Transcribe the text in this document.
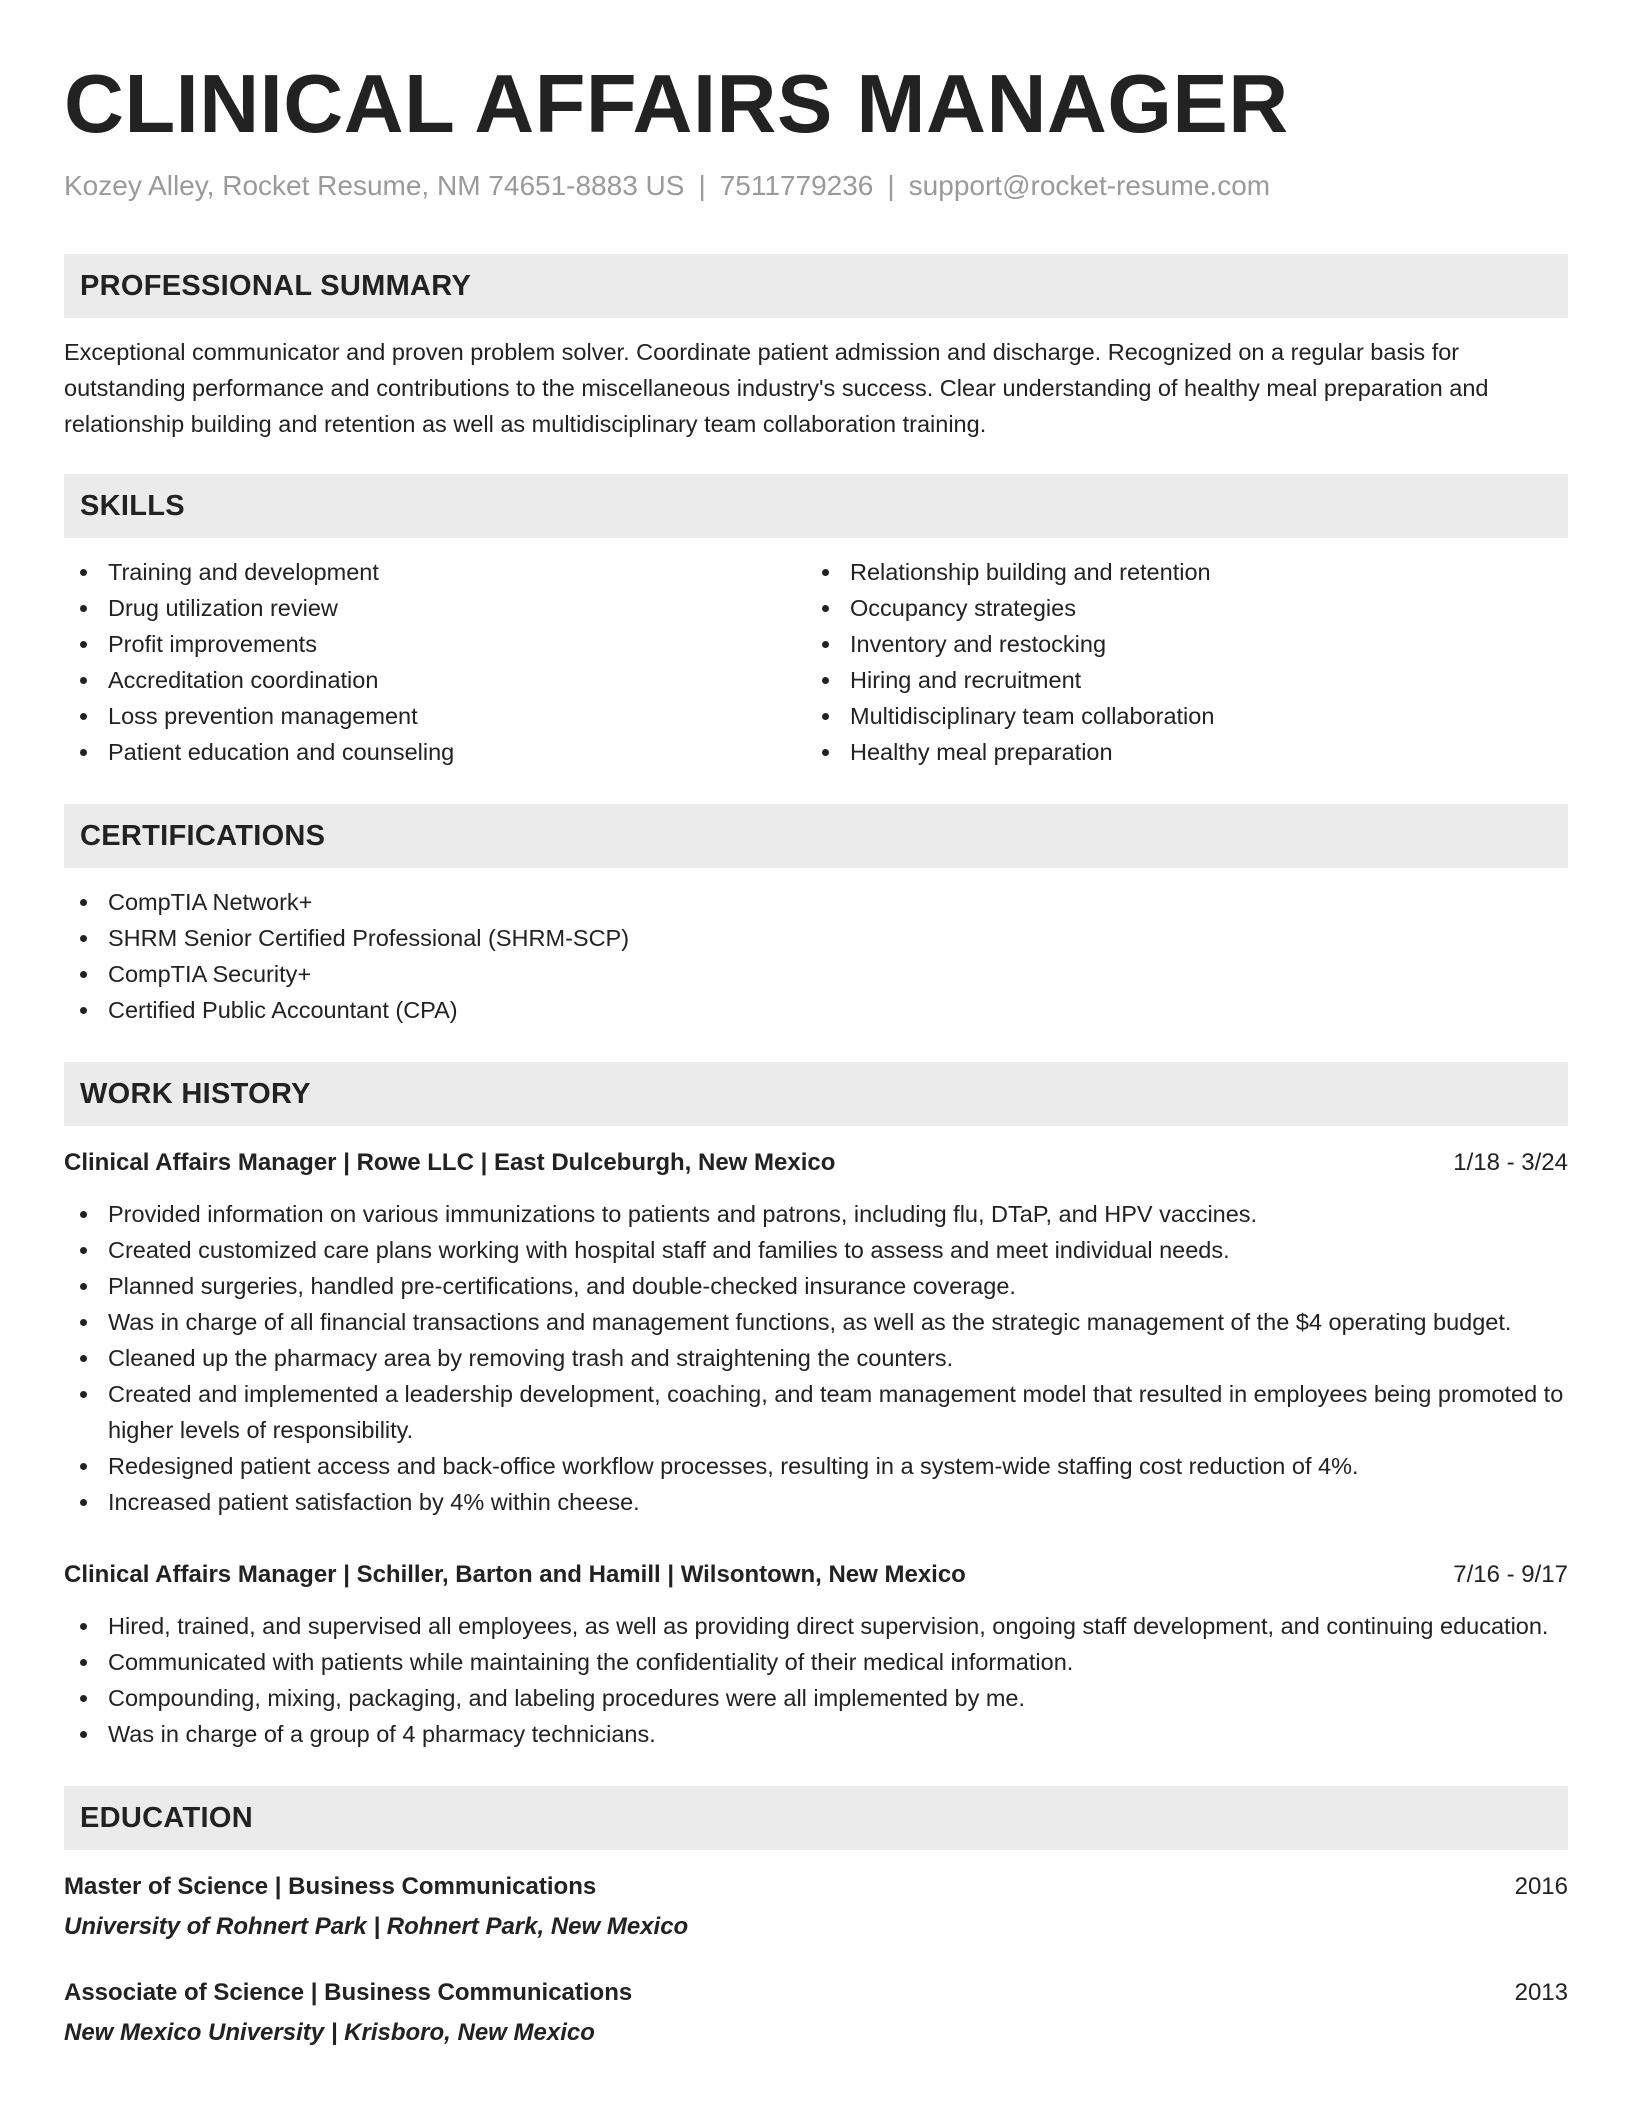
CLINICAL AFFAIRS MANAGER
Kozey Alley, Rocket Resume, NM 74651-8883 US | 7511779236 | support@rocket-resume.com
PROFESSIONAL SUMMARY

Exceptional communicator and proven problem solver. Coordinate patient admission and discharge. Recognized on a regular basis for outstanding performance and contributions to the miscellaneous industry's success. Clear understanding of healthy meal preparation and relationship building and retention as well as multidisciplinary team collaboration training.

SKILLS
Training and development
Drug utilization review
Profit improvements
Accreditation coordination
Loss prevention management
Patient education and counseling
Relationship building and retention
Occupancy strategies
Inventory and restocking
Hiring and recruitment
Multidisciplinary team collaboration
Healthy meal preparation
CERTIFICATIONS
CompTIA Network+
SHRM Senior Certified Professional (SHRM-SCP)
CompTIA Security+
Certified Public Accountant (CPA)
WORK HISTORY
Clinical Affairs Manager | Rowe LLC | East Dulceburgh, New Mexico	1/18 - 3/24
Provided information on various immunizations to patients and patrons, including flu, DTaP, and HPV vaccines.
Created customized care plans working with hospital staff and families to assess and meet individual needs.
Planned surgeries, handled pre-certifications, and double-checked insurance coverage.
Was in charge of all financial transactions and management functions, as well as the strategic management of the $4 operating budget.
Cleaned up the pharmacy area by removing trash and straightening the counters.
Created and implemented a leadership development, coaching, and team management model that resulted in employees being promoted to higher levels of responsibility.
Redesigned patient access and back-office workflow processes, resulting in a system-wide staffing cost reduction of 4%.
Increased patient satisfaction by 4% within cheese.
Clinical Affairs Manager | Schiller, Barton and Hamill | Wilsontown, New Mexico	7/16 - 9/17
Hired, trained, and supervised all employees, as well as providing direct supervision, ongoing staff development, and continuing education.
Communicated with patients while maintaining the confidentiality of their medical information.
Compounding, mixing, packaging, and labeling procedures were all implemented by me.
Was in charge of a group of 4 pharmacy technicians.
EDUCATION
Master of Science | Business Communications	2016
University of Rohnert Park | Rohnert Park, New Mexico
Associate of Science | Business Communications	2013
New Mexico University | Krisboro, New Mexico
